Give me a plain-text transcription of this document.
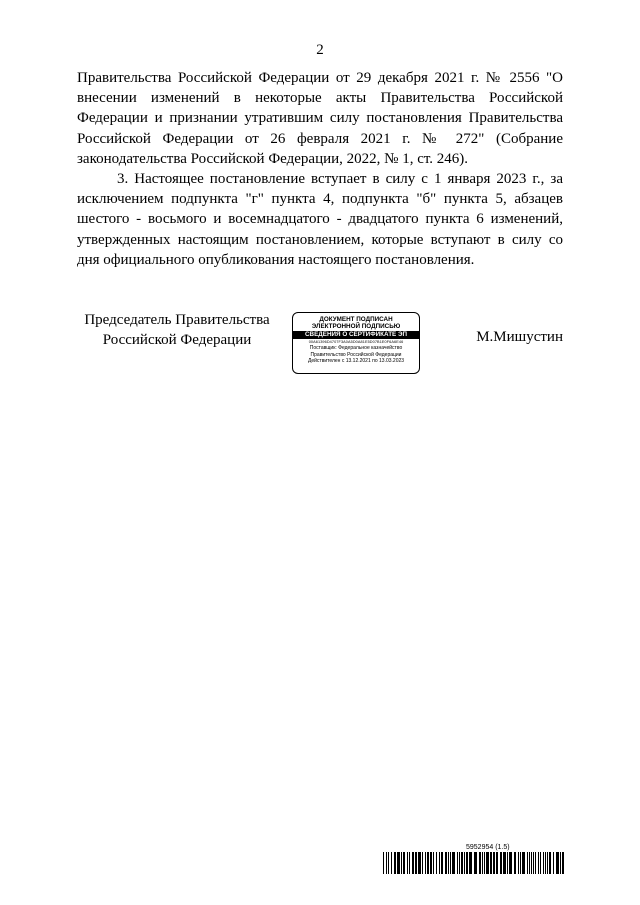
2

Правительства Российской Федерации от 29 декабря 2021 г. № 2556 "О внесении изменений в некоторые акты Правительства Российской Федерации и признании утратившим силу постановления Правительства Российской Федерации от 26 февраля 2021 г. № 272" (Собрание законодательства Российской Федерации, 2022, № 1, ст. 246).

3. Настоящее постановление вступает в силу с 1 января 2023 г., за исключением подпункта "г" пункта 4, подпункта "б" пункта 5, абзацев шестого - восьмого и восемнадцатого - двадцатого пункта 6 изменений, утвержденных настоящим постановлением, которые вступают в силу со дня официального опубликования настоящего постановления.

Председатель Правительства
Российской Федерации
ДОКУМЕНТ ПОДПИСАН
ЭЛЕКТРОННОЙ ПОДПИСЬЮ
СВЕДЕНИЯ О СЕРТИФИКАТЕ ЭП
00A61396D4707F3A0A5D0A81E5D07B1E0F6A6E46
Поставщик: Федеральное казначейство
Правительство Российской Федерации
Действителен с 13.12.2021 по 13.03.2023
М.Мишустин
5952954 (1.5)
